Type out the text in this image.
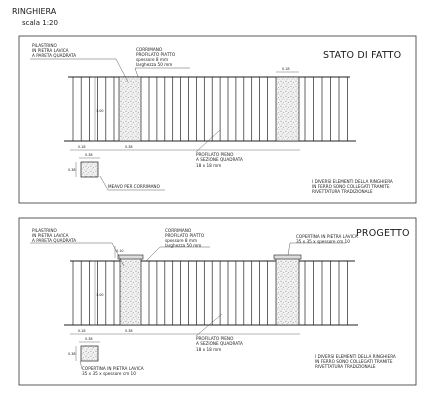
RINGHIERA
scala 1:20
STATO DI FATTO
1.00
0.18	0.38
0.18
0.38
0.38
PILASTRINO IN PIETRA LAVICA A PARETA QUADRATA
CORRIMANO PROFILATO PIATTO spessore 8 mm larghezza 50 mm
PROFILATO PIENO A SEZIONE QUADRATA 18 x 18 mm
MEAVO PER CORRIMANO
I DIVERSI ELEMENTI DELLA RINGHIERA IN FERRO SONO COLLEGATI TRAMITE RIVETTATURA TRADIZIONALE
PROGETTO
1.00
0.18	0.38
0.10
0.38
0.38
PILASTRINO IN PIETRA LAVICA A PARETA QUADRATA
CORRIMANO PROFILATO PIATTO spessore 8 mm larghezza 50 mm
COPERTINA IN PIETRA LAVICA 35 x 35 x spessore cm 10
PROFILATO PIENO A SEZIONE QUADRATA 18 x 18 mm
COPERTINA IN PIETRA LAVICA 35 x 35 x spessore cm 10
I DIVERSI ELEMENTI DELLA RINGHIERA IN FERRO SONO COLLEGATI TRAMITE RIVETTATURA TRADIZIONALE
